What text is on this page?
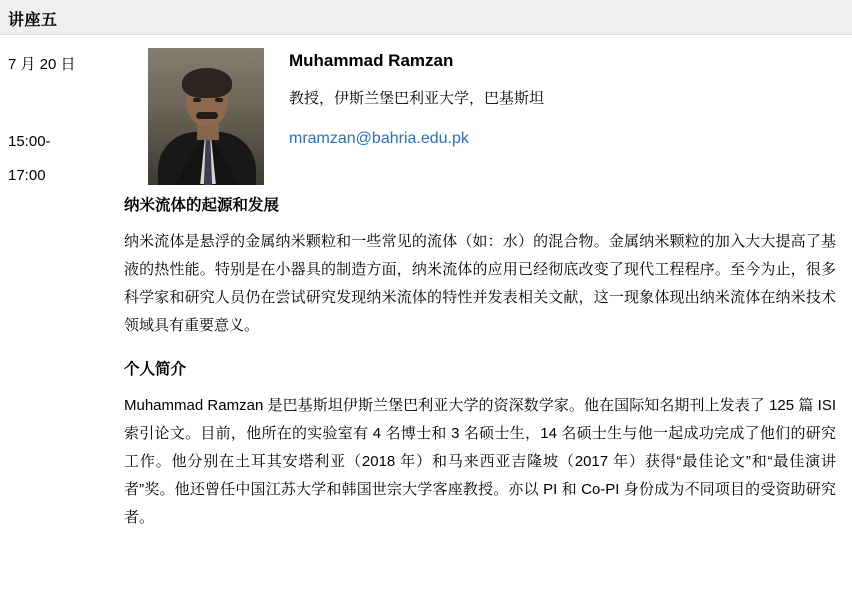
讲座五
7 月 20 日
15:00-
17:00
Muhammad Ramzan
教授，伊斯兰堡巴利亚大学，巴基斯坦
mramzan@bahria.edu.pk
纳米流体的起源和发展

纳米流体是悬浮的金属纳米颗粒和一些常见的流体（如：水）的混合物。金属纳米颗粒的加入大大提高了基液的热性能。特别是在小器具的制造方面，纳米流体的应用已经彻底改变了现代工程程序。至今为止，很多科学家和研究人员仍在尝试研究发现纳米流体的特性并发表相关文献，这一现象体现出纳米流体在纳米技术领域具有重要意义。

个人简介

Muhammad Ramzan 是巴基斯坦伊斯兰堡巴利亚大学的资深数学家。他在国际知名期刊上发表了 125 篇 ISI 索引论文。目前，他所在的实验室有 4 名博士和 3 名硕士生，14 名硕士生与他一起成功完成了他们的研究工作。他分别在土耳其安塔利亚（2018 年）和马来西亚吉隆坡（2017 年）获得“最佳论文”和“最佳演讲者”奖。他还曾任中国江苏大学和韩国世宗大学客座教授。亦以 PI 和 Co-PI 身份成为不同项目的受资助研究者。
